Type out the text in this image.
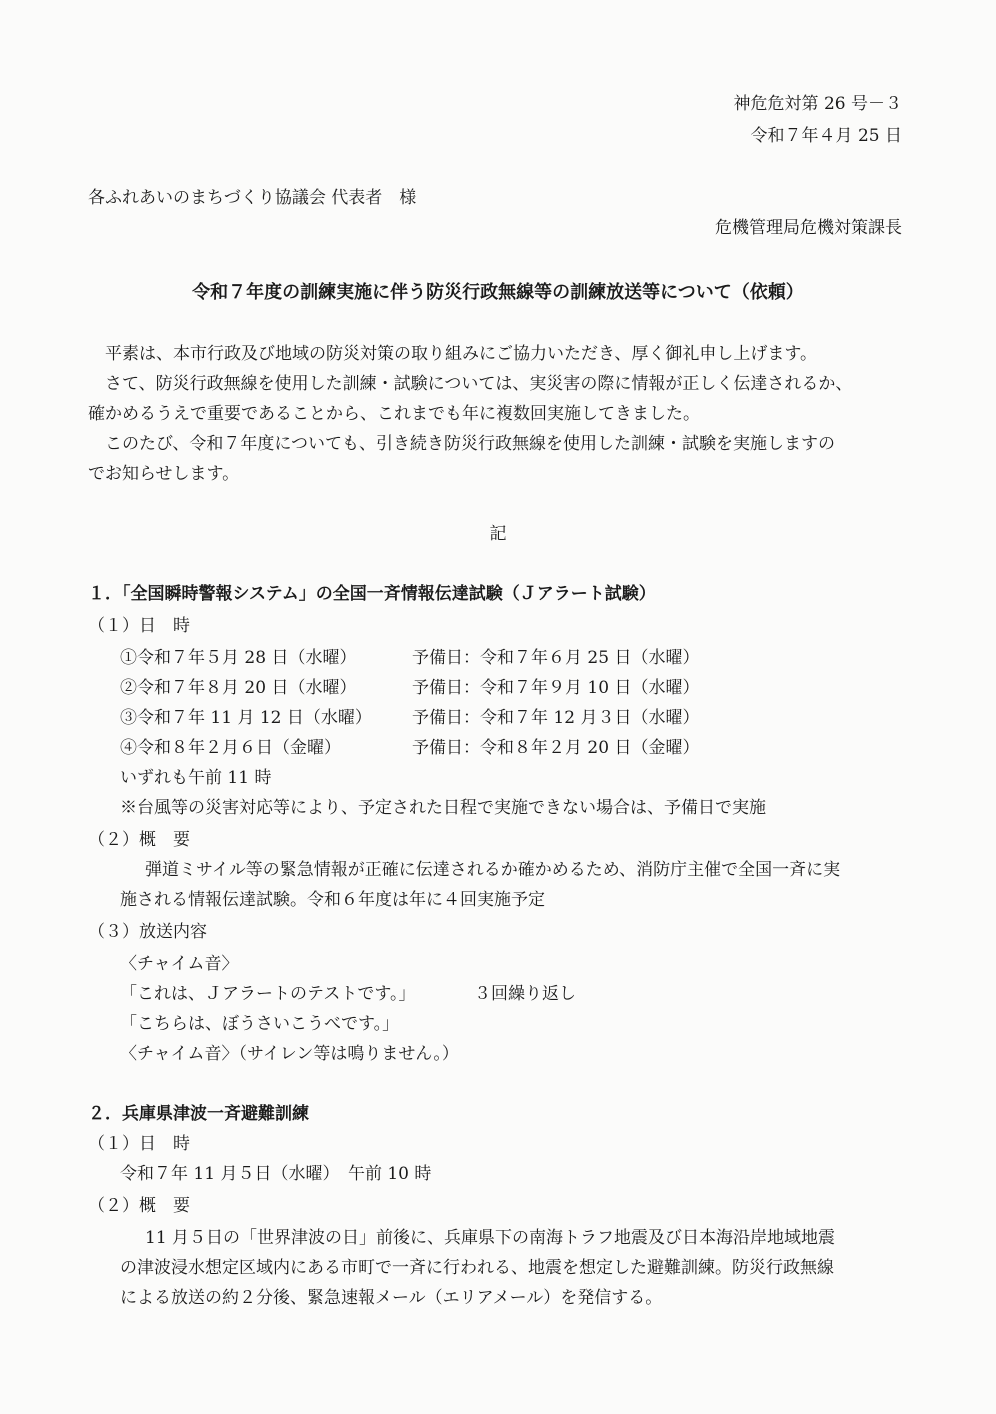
神危危対第 26 号－３
令和７年４月 25 日
各ふれあいのまちづくり協議会 代表者　様
危機管理局危機対策課長
令和７年度の訓練実施に伴う防災行政無線等の訓練放送等について（依頼）
平素は、本市行政及び地域の防災対策の取り組みにご協力いただき、厚く御礼申し上げます。
さて、防災行政無線を使用した訓練・試験については、実災害の際に情報が正しく伝達されるか、
確かめるうえで重要であることから、これまでも年に複数回実施してきました。
このたび、令和７年度についても、引き続き防災行政無線を使用した訓練・試験を実施しますの
でお知らせします。
記
１．「全国瞬時警報システム」の全国一斉情報伝達試験（Ｊアラート試験）
（１）日　時
①令和７年５月 28 日（水曜）	予備日：令和７年６月 25 日（水曜）
②令和７年８月 20 日（水曜）	予備日：令和７年９月 10 日（水曜）
③令和７年 11 月 12 日（水曜） 予備日：令和７年 12 月３日（水曜）
④令和８年２月６日（金曜）	予備日：令和８年２月 20 日（金曜）
いずれも午前 11 時
※台風等の災害対応等により、予定された日程で実施できない場合は、予備日で実施
（２）概　要
弾道ミサイル等の緊急情報が正確に伝達されるか確かめるため、消防庁主催で全国一斉に実
施される情報伝達試験。令和６年度は年に４回実施予定
（３）放送内容
〈チャイム音〉
「これは、Ｊアラートのテストです。」	３回繰り返し
「こちらは、ぼうさいこうべです。」
〈チャイム音〉（サイレン等は鳴りません。）
２．兵庫県津波一斉避難訓練
（１）日　時
令和７年 11 月５日（水曜）　午前 10 時
（２）概　要
11 月５日の「世界津波の日」前後に、兵庫県下の南海トラフ地震及び日本海沿岸地域地震
の津波浸水想定区域内にある市町で一斉に行われる、地震を想定した避難訓練。防災行政無線
による放送の約２分後、緊急速報メール（エリアメール）を発信する。
